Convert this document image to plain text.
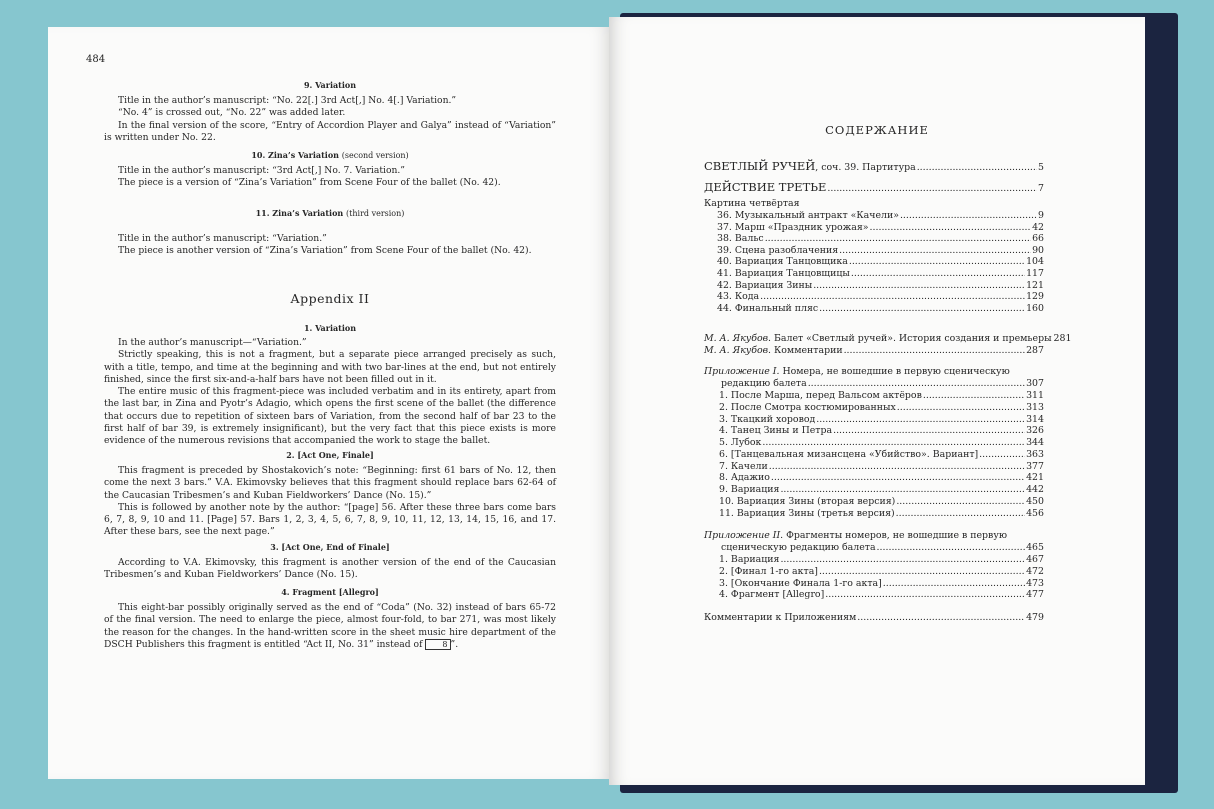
484
9. Variation

Title in the author’s manuscript: “No. 22[.] 3rd Act[,] No. 4[.] Variation.”

“No. 4” is crossed out, “No. 22” was added later.

In the final version of the score, “Entry of Accordion Player and Galya” instead of “Variation” is written under No. 22.

10. Zina’s Variation (second version)

Title in the author’s manuscript: “3rd Act[,] No. 7. Variation.”

The piece is a version of “Zina’s Variation” from Scene Four of the ballet (No. 42).

11. Zina’s Variation (third version)

Title in the author’s manuscript: “Variation.”

The piece is another version of “Zina’s Variation” from Scene Four of the ballet (No. 42).

Appendix II
1. Variation

In the author’s manuscript—“Variation.”

Strictly speaking, this is not a fragment, but a separate piece arranged precisely as such, with a title, tempo, and time at the beginning and with two bar-lines at the end, but not entirely finished, since the first six-and-a-half bars have not been filled out in it.

The entire music of this fragment-piece was included verbatim and in its entirety, apart from the last bar, in Zina and Pyotr’s Adagio, which opens the first scene of the ballet (the difference that occurs due to repetition of sixteen bars of Variation, from the second half of bar 23 to the first half of bar 39, is extremely insignificant), but the very fact that this piece exists is more evidence of the numerous revisions that accompanied the work to stage the ballet.

2. [Act One, Finale]

This fragment is preceded by Shostakovich’s note: “Beginning: first 61 bars of No. 12, then come the next 3 bars.” V.A. Ekimovsky believes that this fragment should replace bars 62-64 of the Caucasian Tribesmen’s and Kuban Fieldworkers’ Dance (No. 15).”

This is followed by another note by the author: “[page] 56. After these three bars come bars 6, 7, 8, 9, 10 and 11. [Page] 57. Bars 1, 2, 3, 4, 5, 6, 7, 8, 9, 10, 11, 12, 13, 14, 15, 16, and 17. After these bars, see the next page.”

3. [Act One, End of Finale]

According to V.A. Ekimovsky, this fragment is another version of the end of the Caucasian Tribesmen’s and Kuban Fieldworkers’ Dance (No. 15).

4. Fragment [Allegro]

This eight-bar possibly originally served as the end of “Coda” (No. 32) instead of bars 65-72 of the final version. The need to enlarge the piece, almost four-fold, to bar 271, was most likely the reason for the changes. In the hand-written score in the sheet music hire department of the DSCH Publishers this fragment is entitled “Act II, No. 31” instead of 8 ”.

СОДЕРЖАНИЕ
СВЕТЛЫЙ РУЧЕЙ, соч. 39. Партитура .....	5
ДЕЙСТВИЕ ТРЕТЬЕ .....	7
Картина четвёртая
36. Музыкальный антракт «Качели» .....	9
37. Марш «Праздник урожая» .....	42
38. Вальс .....	66
39. Сцена разоблачения .....	90
40. Вариация Танцовщика .....	104
41. Вариация Танцовщицы .....	117
42. Вариация Зины .....	121
43. Кода .....	129
44. Финальный пляс .....	160
М. А. Якубов. Балет «Светлый ручей». История создания и премьеры 281
М. А. Якубов. Комментарии .....	287
Приложение I. Номера, не вошедшие в первую сценическую
редакцию балета .....	307
1. После Марша, перед Вальсом актёров .....	311
2. После Смотра костюмированных .....	313
3. Ткацкий хоровод .....	314
4. Танец Зины и Петра .....	326
5. Лубок .....	344
6. [Танцевальная мизансцена «Убийство». Вариант] .....	363
7. Качели .....	377
8. Адажио .....	421
9. Вариация .....	442
10. Вариация Зины (вторая версия) .....	450
11. Вариация Зины (третья версия) .....	456
Приложение II. Фрагменты номеров, не вошедшие в первую
сценическую редакцию балета .....	465
1. Вариация .....	467
2. [Финал 1-го акта] .....	472
3. [Окончание Финала 1-го акта] .....	473
4. Фрагмент [Allegro] .....	477
Комментарии к Приложениям .....	479
